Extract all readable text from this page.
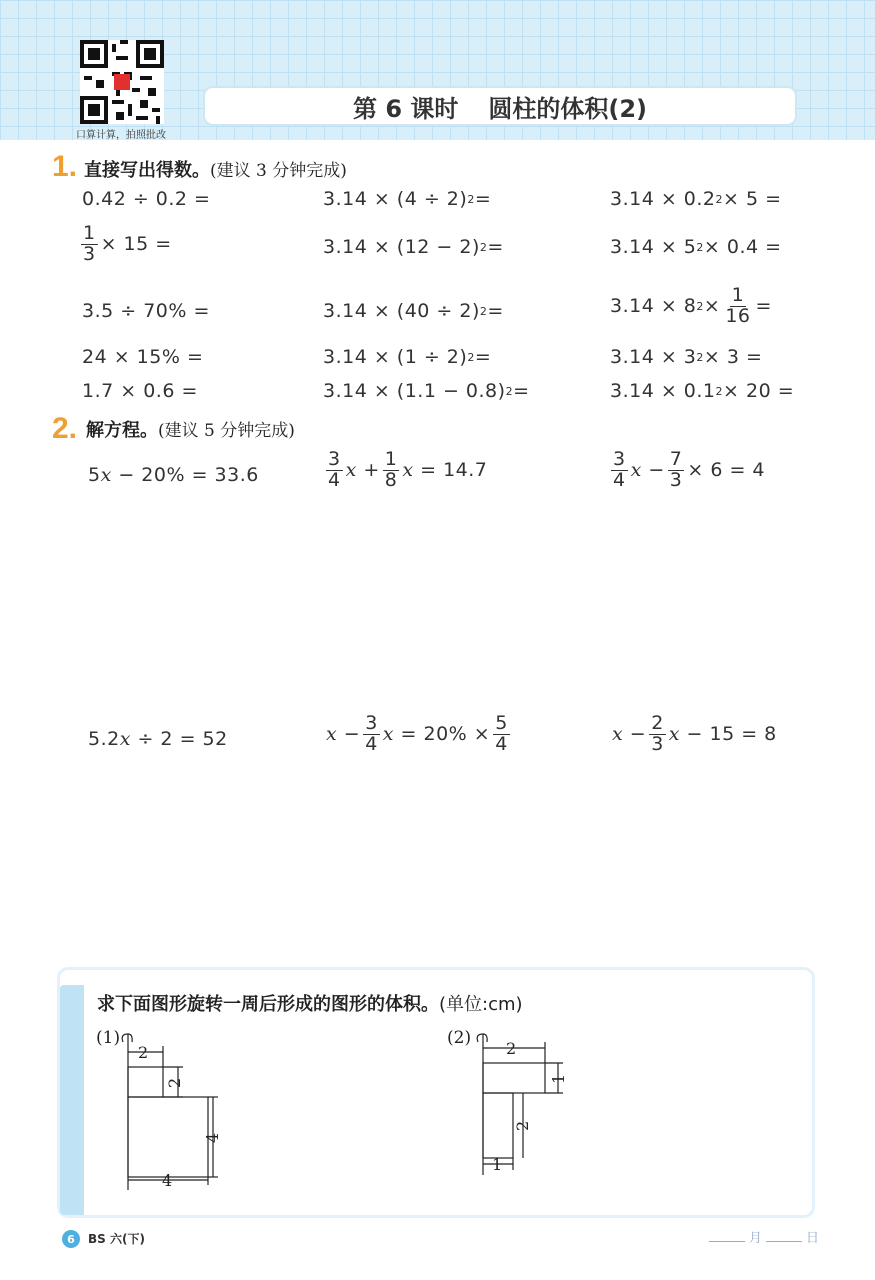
口算计算，拍照批改
第 6 课时 圆柱的体积(2)
1. 直接写出得数。(建议 3 分钟完成)
0.42 ÷ 0.2 =	3.14 × (4 ÷ 2) 2 =	3.14 × 0.2 2 × 5 =
$\frac{1}{3} \times 15$ =	3.14 × (12 − 2) 2 =	3.14 × 5 2 × 0.4 =
3.5 ÷ 70% =	3.14 × (40 ÷ 2) 2 =	3.14 × 8 $2 \times \frac{1}{16}$ =
24 × 15% =	3.14 × (1 ÷ 2) 2 =	3.14 × 3 2 × 3 =
1.7 × 0.6 =	3.14 × (1.1 − 0.8) 2 =	3.14 × 0.1 2 × 20 =
2. 解方程。(建议 5 分钟完成)
5 x − 20% = 33.6	$\frac{3}{4}$ $x + \frac{1}{8}$ x = 14.7	$\frac{3}{4}$ $x - \frac{7}{3} \times 6 = 4$
5.2 x ÷ 2 = 52	$x - \frac{3}{4}$ $x = 20\% \times \frac{5}{4}$	$x - \frac{2}{3}$ x − 15 = 8
求下面图形旋转一周后形成的图形的体积。(单位:cm)
(1)
2
2
4
4
(2)
2
1
2
1
6	BS 六(下)	月	日
